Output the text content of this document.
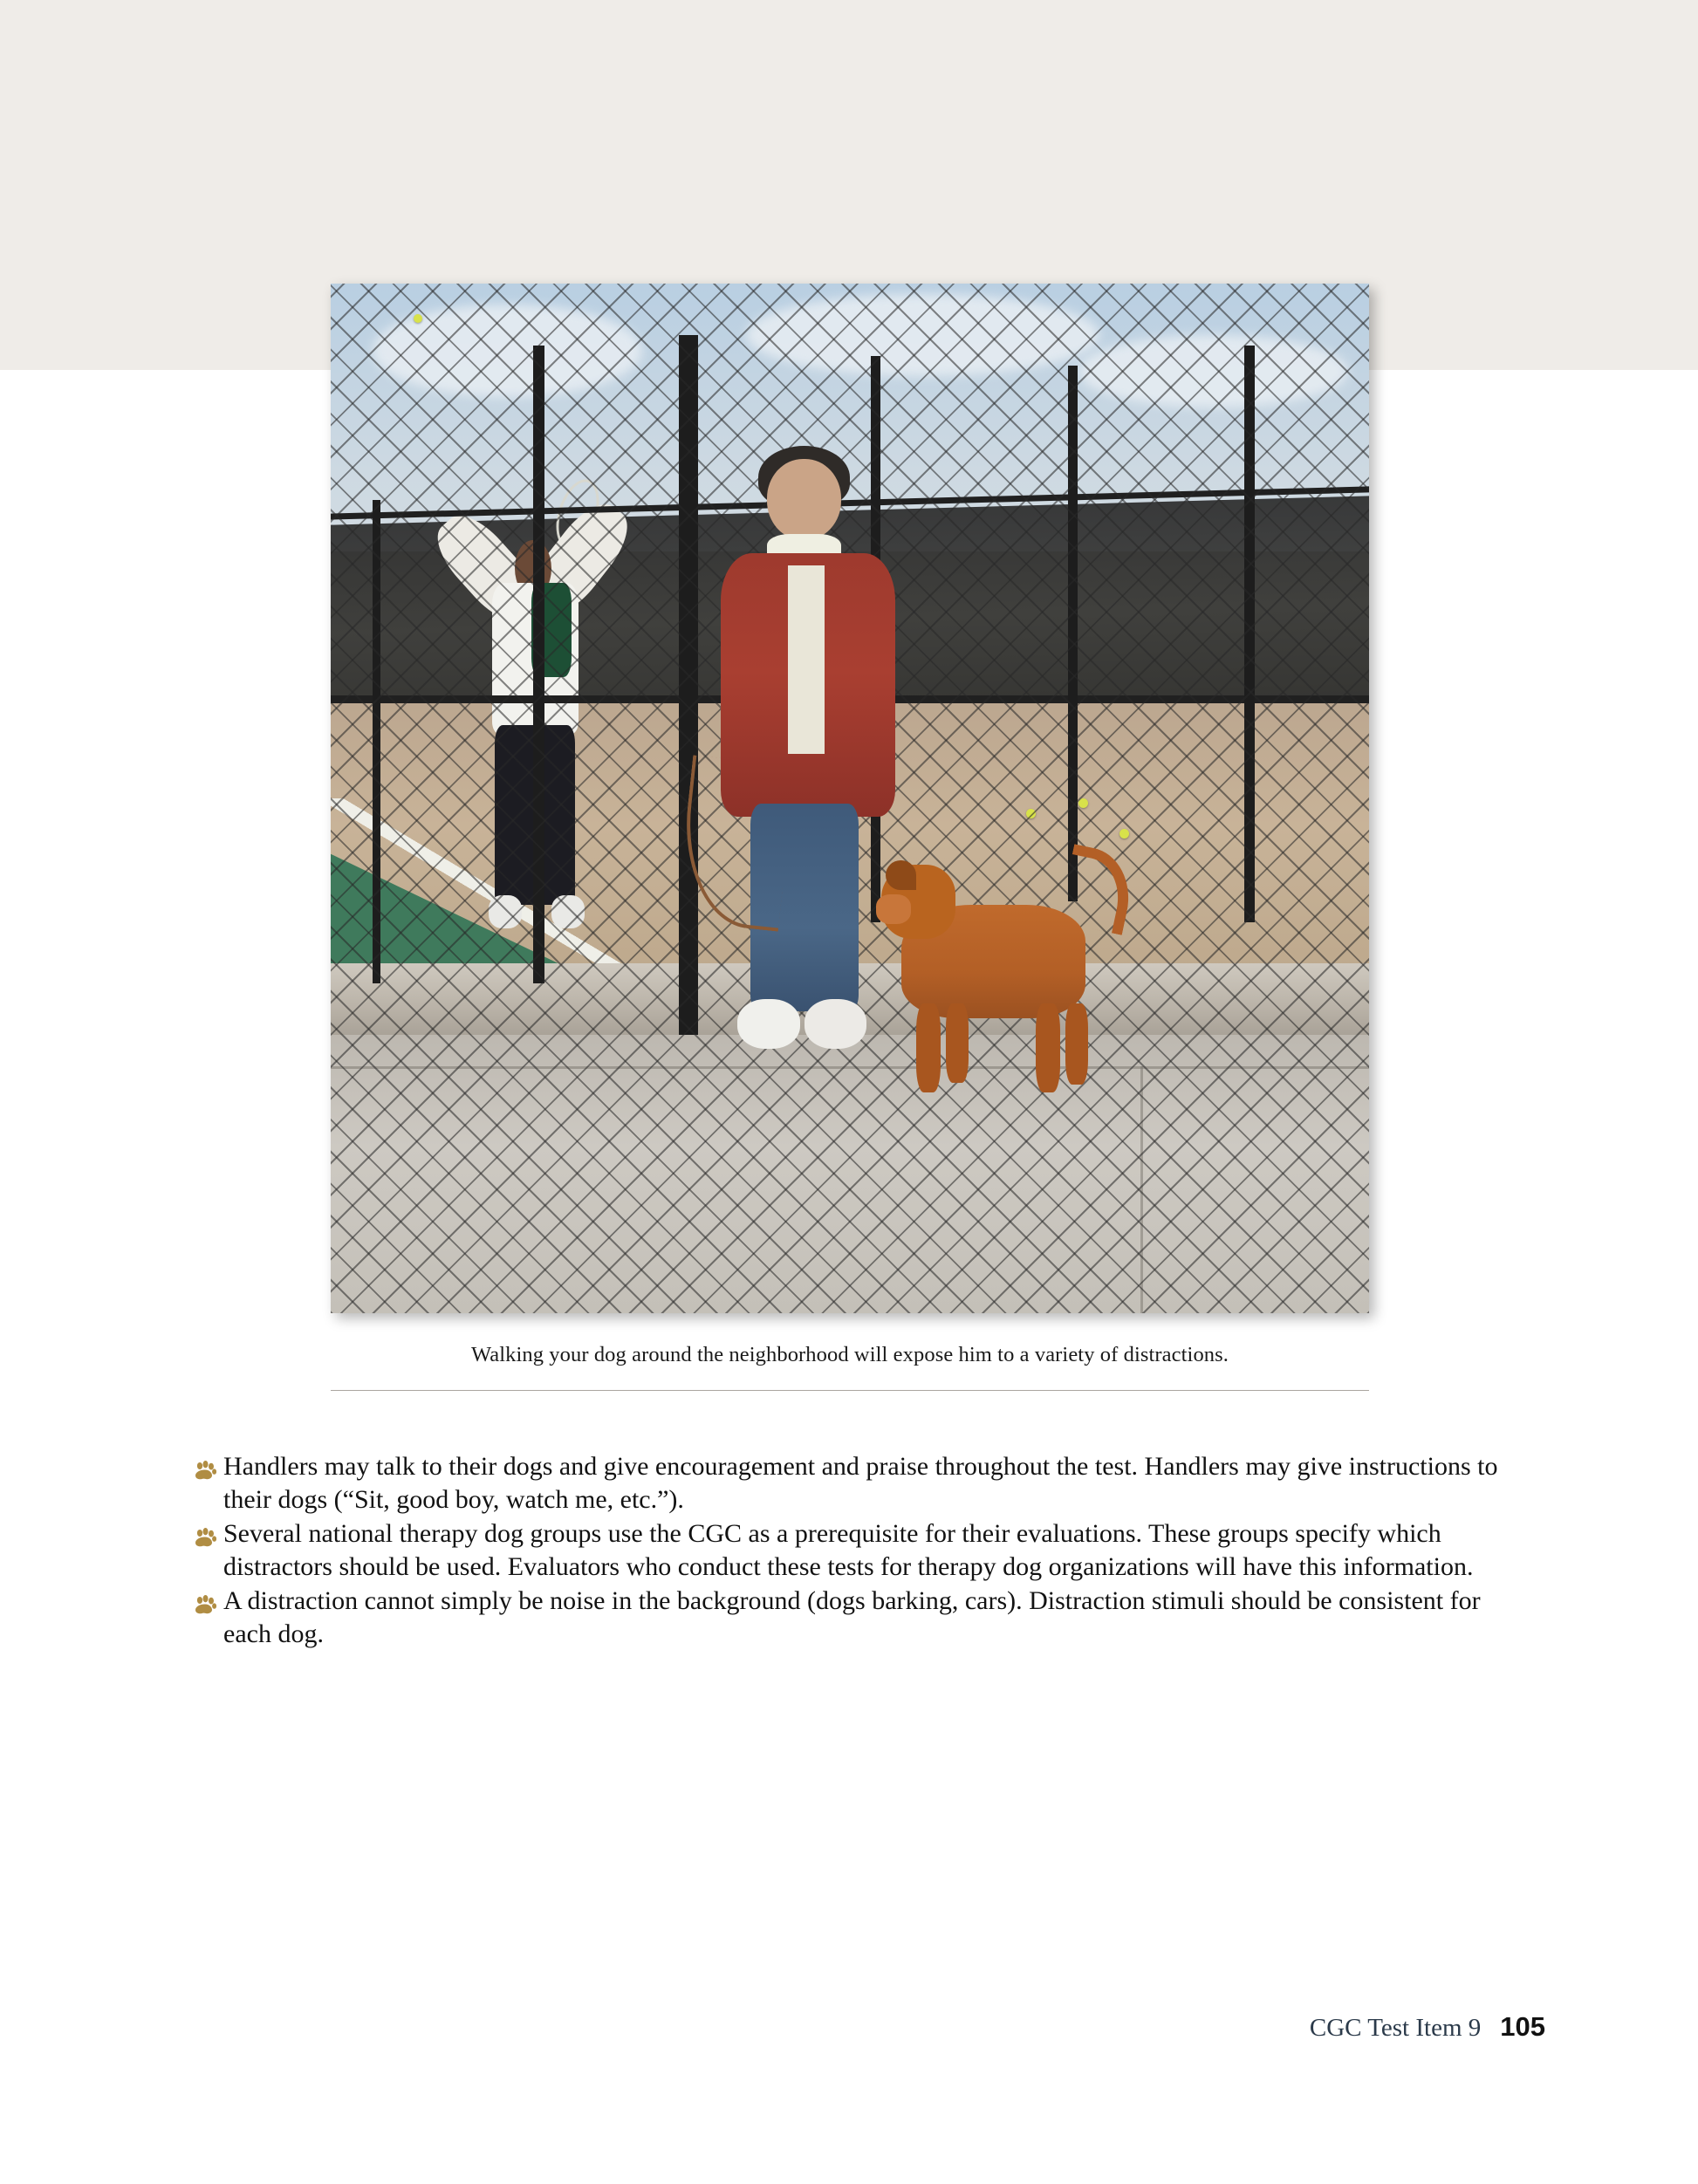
Walking your dog around the neighborhood will expose him to a variety of distractions.
Handlers may talk to their dogs and give encouragement and praise throughout the test. Handlers may give instructions to their dogs (“Sit, good boy, watch me, etc.”).
Several national therapy dog groups use the CGC as a prerequisite for their evaluations. These groups specify which distractors should be used. Evaluators who conduct these tests for therapy dog organizations will have this information.
A distraction cannot simply be noise in the background (dogs barking, cars). Distraction stimuli should be consistent for each dog.
CGC Test Item 9 105
